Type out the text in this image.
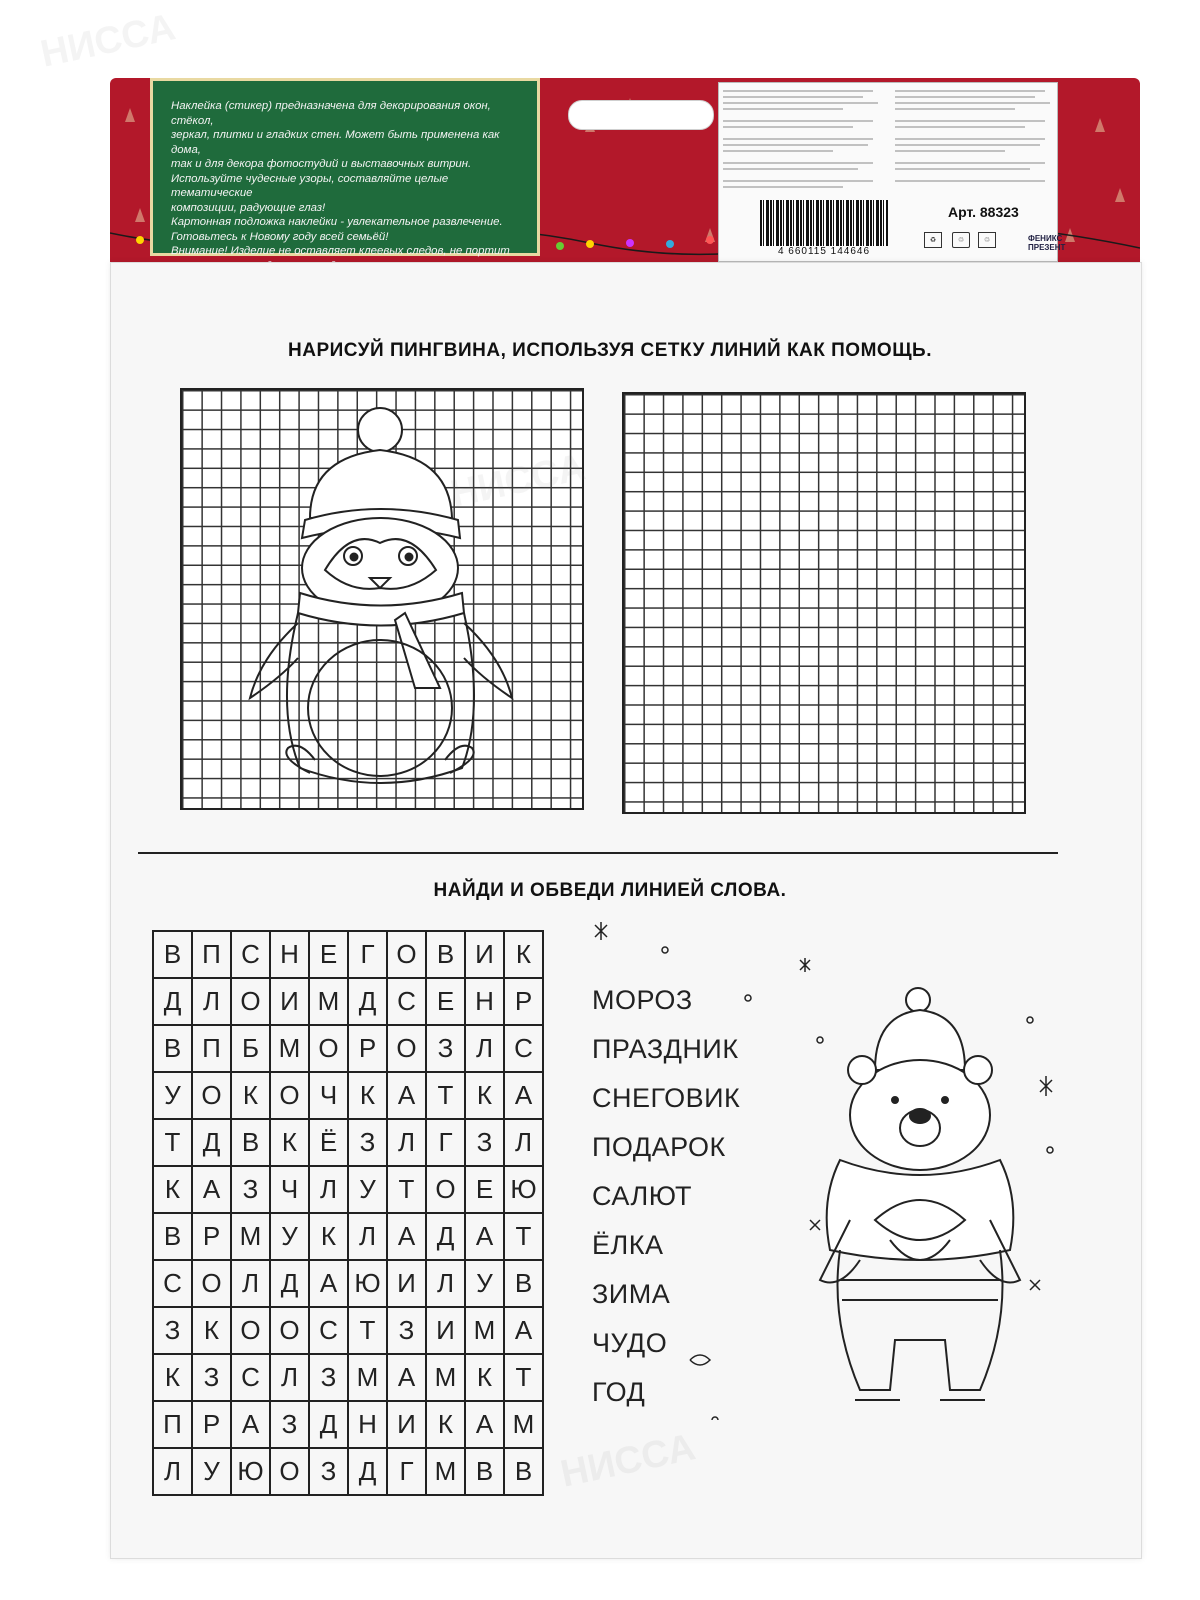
Наклейка (стикер) предназначена для декорирования окон, стёкол,

зеркал, плитки и гладких стен. Может быть применена как дома,

так и для декора фотостудий и выставочных витрин.

Используйте чудесные узоры, составляйте целые тематические

композиции, радующие глаз!

Картонная подложка наклейки - увлекательное развлечение.

Готовьтесь к Новому году всей семьёй!

Внимание! Изделие не оставляет клеевых следов, не портит

Арт. 88323
4 660115 144646
♻	♲	♲	ФЕНИКС
ПРЕЗЕНТ
НАРИСУЙ ПИНГВИНА, ИСПОЛЬЗУЯ СЕТКУ ЛИНИЙ КАК ПОМОЩЬ.
НАЙДИ И ОБВЕДИ ЛИНИЕЙ СЛОВА.
В	П	С	Н	Е	Г	О	В	И	К
Д	Л	О	И	М	Д	С	Е	Н	Р
В	П	Б	М	О	Р	О	З	Л	С
У	О	К	О	Ч	К	А	Т	К	А
Т	Д	В	К	Ё	З	Л	Г	З	Л
К	А	З	Ч	Л	У	Т	О	Е	Ю
В	Р	М	У	К	Л	А	Д	А	Т
С	О	Л	Д	А	Ю	И	Л	У	В
З	К	О	О	С	Т	З	И	М	А
К	З	С	Л	З	М	А	М	К	Т
П	Р	А	З	Д	Н	И	К	А	М
Л	У	Ю	О	З	Д	Г	М	В	В
МОРОЗ
ПРАЗДНИК
СНЕГОВИК
ПОДАРОК
САЛЮТ
ЁЛКА
ЗИМА
ЧУДО
ГОД
НИССА
